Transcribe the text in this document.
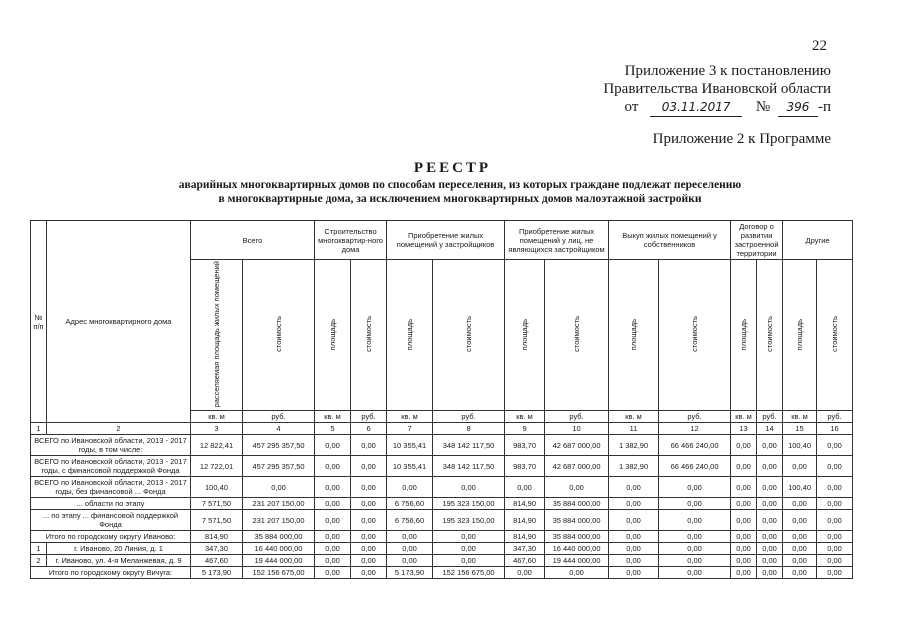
22
Приложение 3 к постановлению
Правительства Ивановской области
от 03.11.2017 № 396 -п
Приложение 2 к Программе
РЕЕСТР
аварийных многоквартирных домов по способам переселения, из которых граждане подлежат переселению
в многоквартирные дома, за исключением многоквартирных домов малоэтажной застройки
№ п/п	Адрес многоквартирного дома	Всего		Строительство многоквартир-ного дома		Приобретение жилых помещений у застройщиков		Приобретение жилых помещений у лиц, не являющихся застройщиком		Выкуп жилых помещений у собственников		Договор о развитии застроенной территории		Другие	
		расселяемая площадь жилых помещений	стоимость	площадь	стоимость	площадь	стоимость	площадь	стоимость	площадь	стоимость	площадь	стоимость	площадь	стоимость
		кв. м	руб.	кв. м	руб.	кв. м	руб.	кв. м	руб.	кв. м	руб.	кв. м	руб.	кв. м	руб.
1	2	3	4	5	6	7	8	9	10	11	12	13	14	15	16
ВСЕГО по Ивановской области, 2013 - 2017 годы, в том числе:		12 822,41	457 295 357,50	0,00	0,00	10 355,41	348 142 117,50	983,70	42 687 000,00	1 382,90	66 466 240,00	0,00	0,00	100,40	0,00
ВСЕГО по Ивановской области, 2013 - 2017 годы, с финансовой поддержкой Фонда		12 722,01	457 295 357,50	0,00	0,00	10 355,41	348 142 117,50	983,70	42 687 000,00	1 382,90	66 466 240,00	0,00	0,00	0,00	0,00
ВСЕГО по Ивановской области, 2013 - 2017 годы, без финансовой ... Фонда		100,40	0,00	0,00	0,00	0,00	0,00	0,00	0,00	0,00	0,00	0,00	0,00	100,40	0,00
... области по этапу		7 571,50	231 207 150,00	0,00	0,00	6 756,60	195 323 150,00	814,90	35 884 000,00	0,00	0,00	0,00	0,00	0,00	0,00
... по этапу ... финансовой поддержкой Фонда		7 571,50	231 207 150,00	0,00	0,00	6 756,60	195 323 150,00	814,90	35 884 000,00	0,00	0,00	0,00	0,00	0,00	0,00
Итого по городскому округу Иваново:		814,90	35 884 000,00	0,00	0,00	0,00	0,00	814,90	35 884 000,00	0,00	0,00	0,00	0,00	0,00	0,00
1	г. Иваново, 20 Линия, д. 1	347,30	16 440 000,00	0,00	0,00	0,00	0,00	347,30	16 440 000,00	0,00	0,00	0,00	0,00	0,00	0,00
2	г. Иваново, ул. 4-я Меланжевая, д. 9	467,60	19 444 000,00	0,00	0,00	0,00	0,00	467,60	19 444 000,00	0,00	0,00	0,00	0,00	0,00	0,00
Итого по городскому округу Вичуга:		5 173,90	152 156 675,00	0,00	0,00	5 173,90	152 156 675,00	0,00	0,00	0,00	0,00	0,00	0,00	0,00	0,00
